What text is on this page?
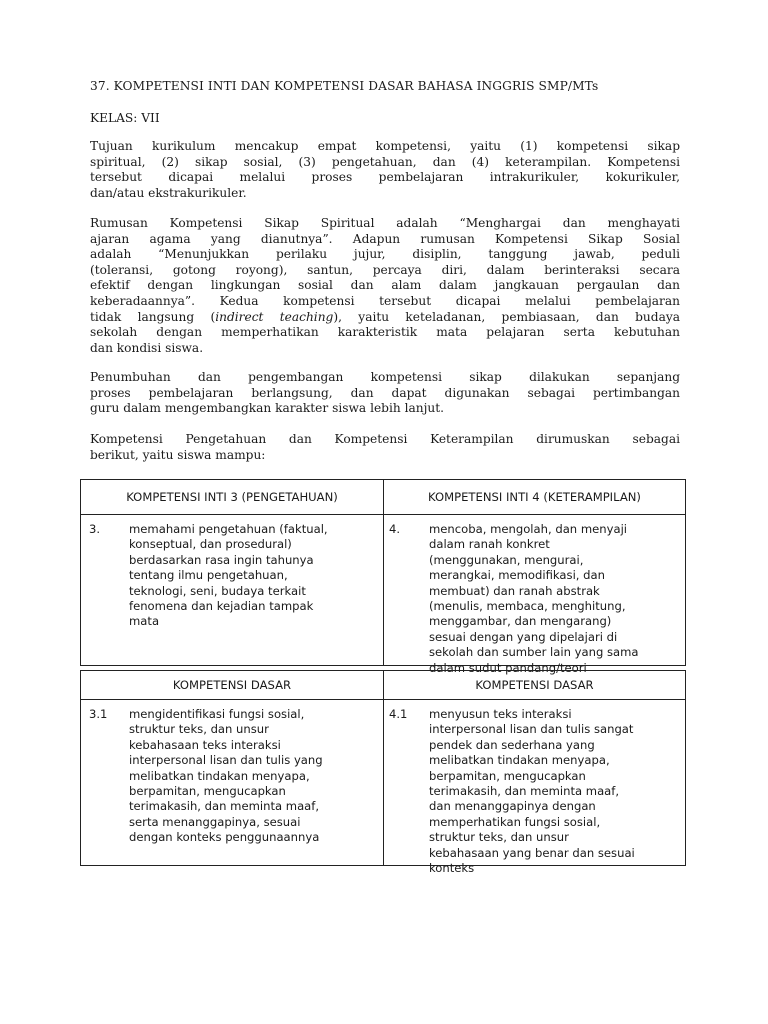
37. KOMPETENSI INTI DAN KOMPETENSI DASAR BAHASA INGGRIS SMP/MTs
KELAS: VII
Tujuan kurikulum mencakup empat kompetensi, yaitu (1) kompetensi sikap
spiritual, (2) sikap sosial, (3) pengetahuan, dan (4) keterampilan. Kompetensi
tersebut dicapai melalui proses pembelajaran intrakurikuler, kokurikuler,
dan/atau ekstrakurikuler.
Rumusan Kompetensi Sikap Spiritual adalah “Menghargai dan menghayati
ajaran agama yang dianutnya”. Adapun rumusan Kompetensi Sikap Sosial
adalah “Menunjukkan perilaku jujur, disiplin, tanggung jawab, peduli
(toleransi, gotong royong), santun, percaya diri, dalam berinteraksi secara
efektif dengan lingkungan sosial dan alam dalam jangkauan pergaulan dan
keberadaannya”. Kedua kompetensi tersebut dicapai melalui pembelajaran
tidak langsung (indirect teaching), yaitu keteladanan, pembiasaan, dan budaya
sekolah dengan memperhatikan karakteristik mata pelajaran serta kebutuhan
dan kondisi siswa.
Penumbuhan dan pengembangan kompetensi sikap dilakukan sepanjang
proses pembelajaran berlangsung, dan dapat digunakan sebagai pertimbangan
guru dalam mengembangkan karakter siswa lebih lanjut.
Kompetensi Pengetahuan dan Kompetensi Keterampilan dirumuskan sebagai
berikut, yaitu siswa mampu:
KOMPETENSI INTI 3 (PENGETAHUAN)	KOMPETENSI INTI 4 (KETERAMPILAN)
3. memahami pengetahuan (faktual,
konseptual, dan prosedural)
berdasarkan rasa ingin tahunya
tentang ilmu pengetahuan,
teknologi, seni, budaya terkait
fenomena dan kejadian tampak
mata
4. mencoba, mengolah, dan menyaji
dalam ranah konkret
(menggunakan, mengurai,
merangkai, memodifikasi, dan
membuat) dan ranah abstrak
(menulis, membaca, menghitung,
menggambar, dan mengarang)
sesuai dengan yang dipelajari di
sekolah dan sumber lain yang sama
dalam sudut pandang/teori
KOMPETENSI DASAR	KOMPETENSI DASAR
3.1 mengidentifikasi fungsi sosial,
struktur teks, dan unsur
kebahasaan teks interaksi
interpersonal lisan dan tulis yang
melibatkan tindakan menyapa,
berpamitan, mengucapkan
terimakasih, dan meminta maaf,
serta menanggapinya, sesuai
dengan konteks penggunaannya
4.1 menyusun teks interaksi
interpersonal lisan dan tulis sangat
pendek dan sederhana yang
melibatkan tindakan menyapa,
berpamitan, mengucapkan
terimakasih, dan meminta maaf,
dan menanggapinya dengan
memperhatikan fungsi sosial,
struktur teks, dan unsur
kebahasaan yang benar dan sesuai
konteks
